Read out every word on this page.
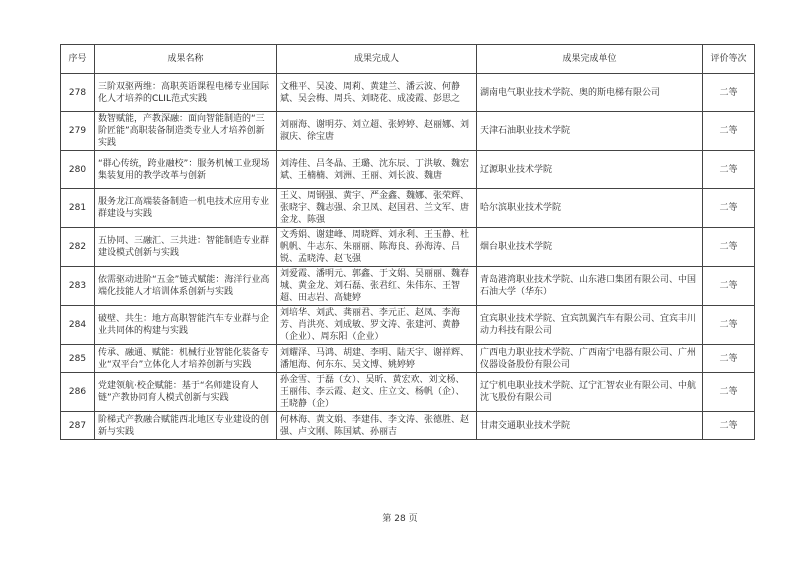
序号	成果名称	成果完成人	成果完成单位	评价等次
278	三阶双驱两维：高职英语课程电梯专业国际化人才培养的CLIL范式实践	文稚平、吴凌、周莉、黄建兰、潘云波、何静斌、吴会梅、周兵、刘晓花、成凌霞、彭思之	湖南电气职业技术学院、奥的斯电梯有限公司	二等
279	数智赋能，产教深融：面向智能制造的“三阶匠能”高职装备制造类专业人才培养创新实践	刘丽海、谢明芬、刘立超、张婷婷、赵丽娜、刘淑庆、徐宝唐	天津石油职业技术学院	二等
280	“群心传统，跨业融校”：服务机械工业现场集装复用的教学改革与创新	刘涛佳、吕冬晶、王璐、沈东辰、丁洪敏、魏宏斌、王楠楠、刘洲、王丽、刘长波、魏唐	辽源职业技术学院	二等
281	服务龙江高端装备制造一机电技术应用专业群建设与实践	王义、周钢强、黄宇、严金鑫、魏娜、张荣辉、张晓宇、魏志强、余卫凤、赵国君、兰文军、唐金龙、陈强	哈尔滨职业技术学院	二等
282	五协同、三融汇、三共进：智能制造专业群建设模式创新与实践	文秀娟、谢建峰、周晓辉、刘永利、王玉静、杜帆帆、牛志东、朱丽丽、陈海良、孙海涛、吕锐、孟晓涛、赵飞强	烟台职业技术学院	二等
283	依需驱动进阶“五金”链式赋能：海洋行业高端化技能人才培训体系创新与实践	刘爱霞、潘明元、郭鑫、于文娟、吴丽丽、魏春城、黄金龙、刘石磊、张君红、朱伟东、王智超、田志岩、高婕婷	青岛港湾职业技术学院、山东港口集团有限公司、中国石油大学（华东）	二等
284	破壁、共生：地方高职智能汽车专业群与企业共同体的构建与实践	刘培华、刘武、龚丽君、李元正、赵凤、李海芳、肖洪亮、刘成敏、罗文涛、张建河、黄静（企业）、周东阳（企业）	宜宾职业技术学院、宜宾凯翼汽车有限公司、宜宾丰川动力科技有限公司	二等
285	传承、融通、赋能：机械行业智能化装备专业“双平台”立体化人才培养创新与实践	刘耀泽、马鸿、胡建、李明、陆天宇、谢祥辉、潘旭海、何东东、吴文博、姚婷婷	广西电力职业技术学院、广西南宁电器有限公司、广州仪器设备股份有限公司	二等
286	党建领航·校企赋能：基于“名师建设育人链”产教协同育人模式创新与实践	孙金雪、于磊（女）、吴昕、黄宏欢、刘文杨、王丽伟、李云霞、赵文、庄立文、杨帆（企）、王晓静（企）	辽宁机电职业技术学院、辽宁汇智农业有限公司、中航沈飞股份有限公司	二等
287	阶梯式产教融合赋能西北地区专业建设的创新与实践	何林海、黄文娟、李建伟、李文涛、张德胜、赵强、卢文刚、陈国斌、孙丽吉	甘肃交通职业技术学院	二等
第 28 页
